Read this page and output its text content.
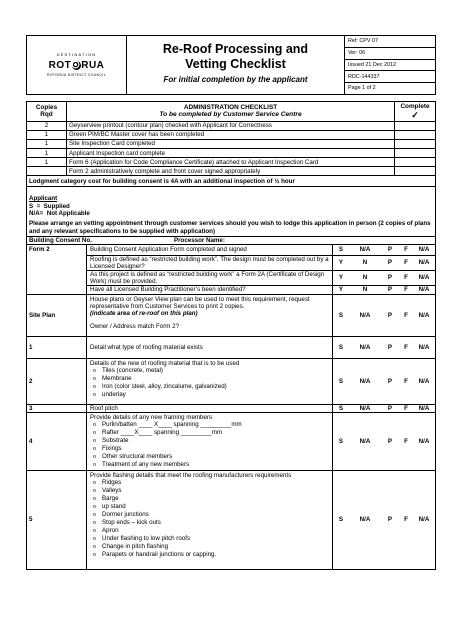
DESTINATION
ROT RUA
ROTORUA DISTRICT COUNCIL
Re-Roof Processing and
Vetting Checklist
For initial completion by the applicant
Ref: CPV 07
Ver: 06
Issued 21 Dec 2012
RDC-144337
Page 1 of 2
Copies Rqd
ADMINISTRATION CHECKLIST
To be completed by Customer Service Centre
Complete
✓
2	Geyserview printout (contour plan) checked with Applicant for Correctness
1	Green PIM/BC Master cover has been completed
1	Site Inspection Card completed
1	Applicant Inspection card complete
1	Form 6 (Application for Code Compliance Certificate) attached to Applicant Inspection Card
Form 2 administratively complete and front cover signed appropriately
Lodgment category cost for building consent is 4A with an additional inspection of ½ hour
Applicant
S = Supplied
N/A= Not Applicable
Please arrange an vetting appointment through customer services should you wish to lodge this application in person (2 copies of plans and any relevant specifications to be supplied with application)
Building Consent No.	Processor Name:
Form 2	Building Consent Application Form completed and signed	S	N/A	P	F	N/A
Roofing is defined as “restricted building work”. The design must be completed out by a Licensed Designer?
Y	N	P	F	N/A
As this project is defined as “restricted building work” a Form 2A (Certificate of Design Work) must be provided.
Y	N	P	F	N/A
Have all Licensed Building Practitioner’s been identified?	Y	N	P	F	N/A
Site Plan
House plans or Geyser View plan can be used to meet this requirement, request representative from Customer Services to print 2 copies.
(indicate area of re-roof on this plan)
Owner / Address match Form 2?
S	N/A	P	F	N/A
1	Detail what type of roofing material exists	S	N/A	P	F	N/A
2
Details of the new of roofing material that is to be used
o Tiles (concrete, metal)
o Membrane
o Iron (color steel, alloy, zincalume, galvanized)
o underlay
S	N/A	P	F	N/A
3	Roof pitch	S	N/A	P	F	N/A
4
Provide details of any new framing members
o Purlin/batten ____ X____ spanning _________mm
o Rafter ____X____ spanning _________mm
o Substrate
o Fixings
o Other structural members
o Treatment of any new members
S	N/A	P	F	N/A
5
Provide flashing details that meet the roofing manufacturers requirements
o Ridges
o Valleys
o Barge
o up stand
o Dormer junctions
o Stop ends – kick outs
o Apron
o Under flashing to low pitch roofs
o Change in pitch flashing
o Parapets or handrail junctions or capping.
S	N/A	P	F	N/A
